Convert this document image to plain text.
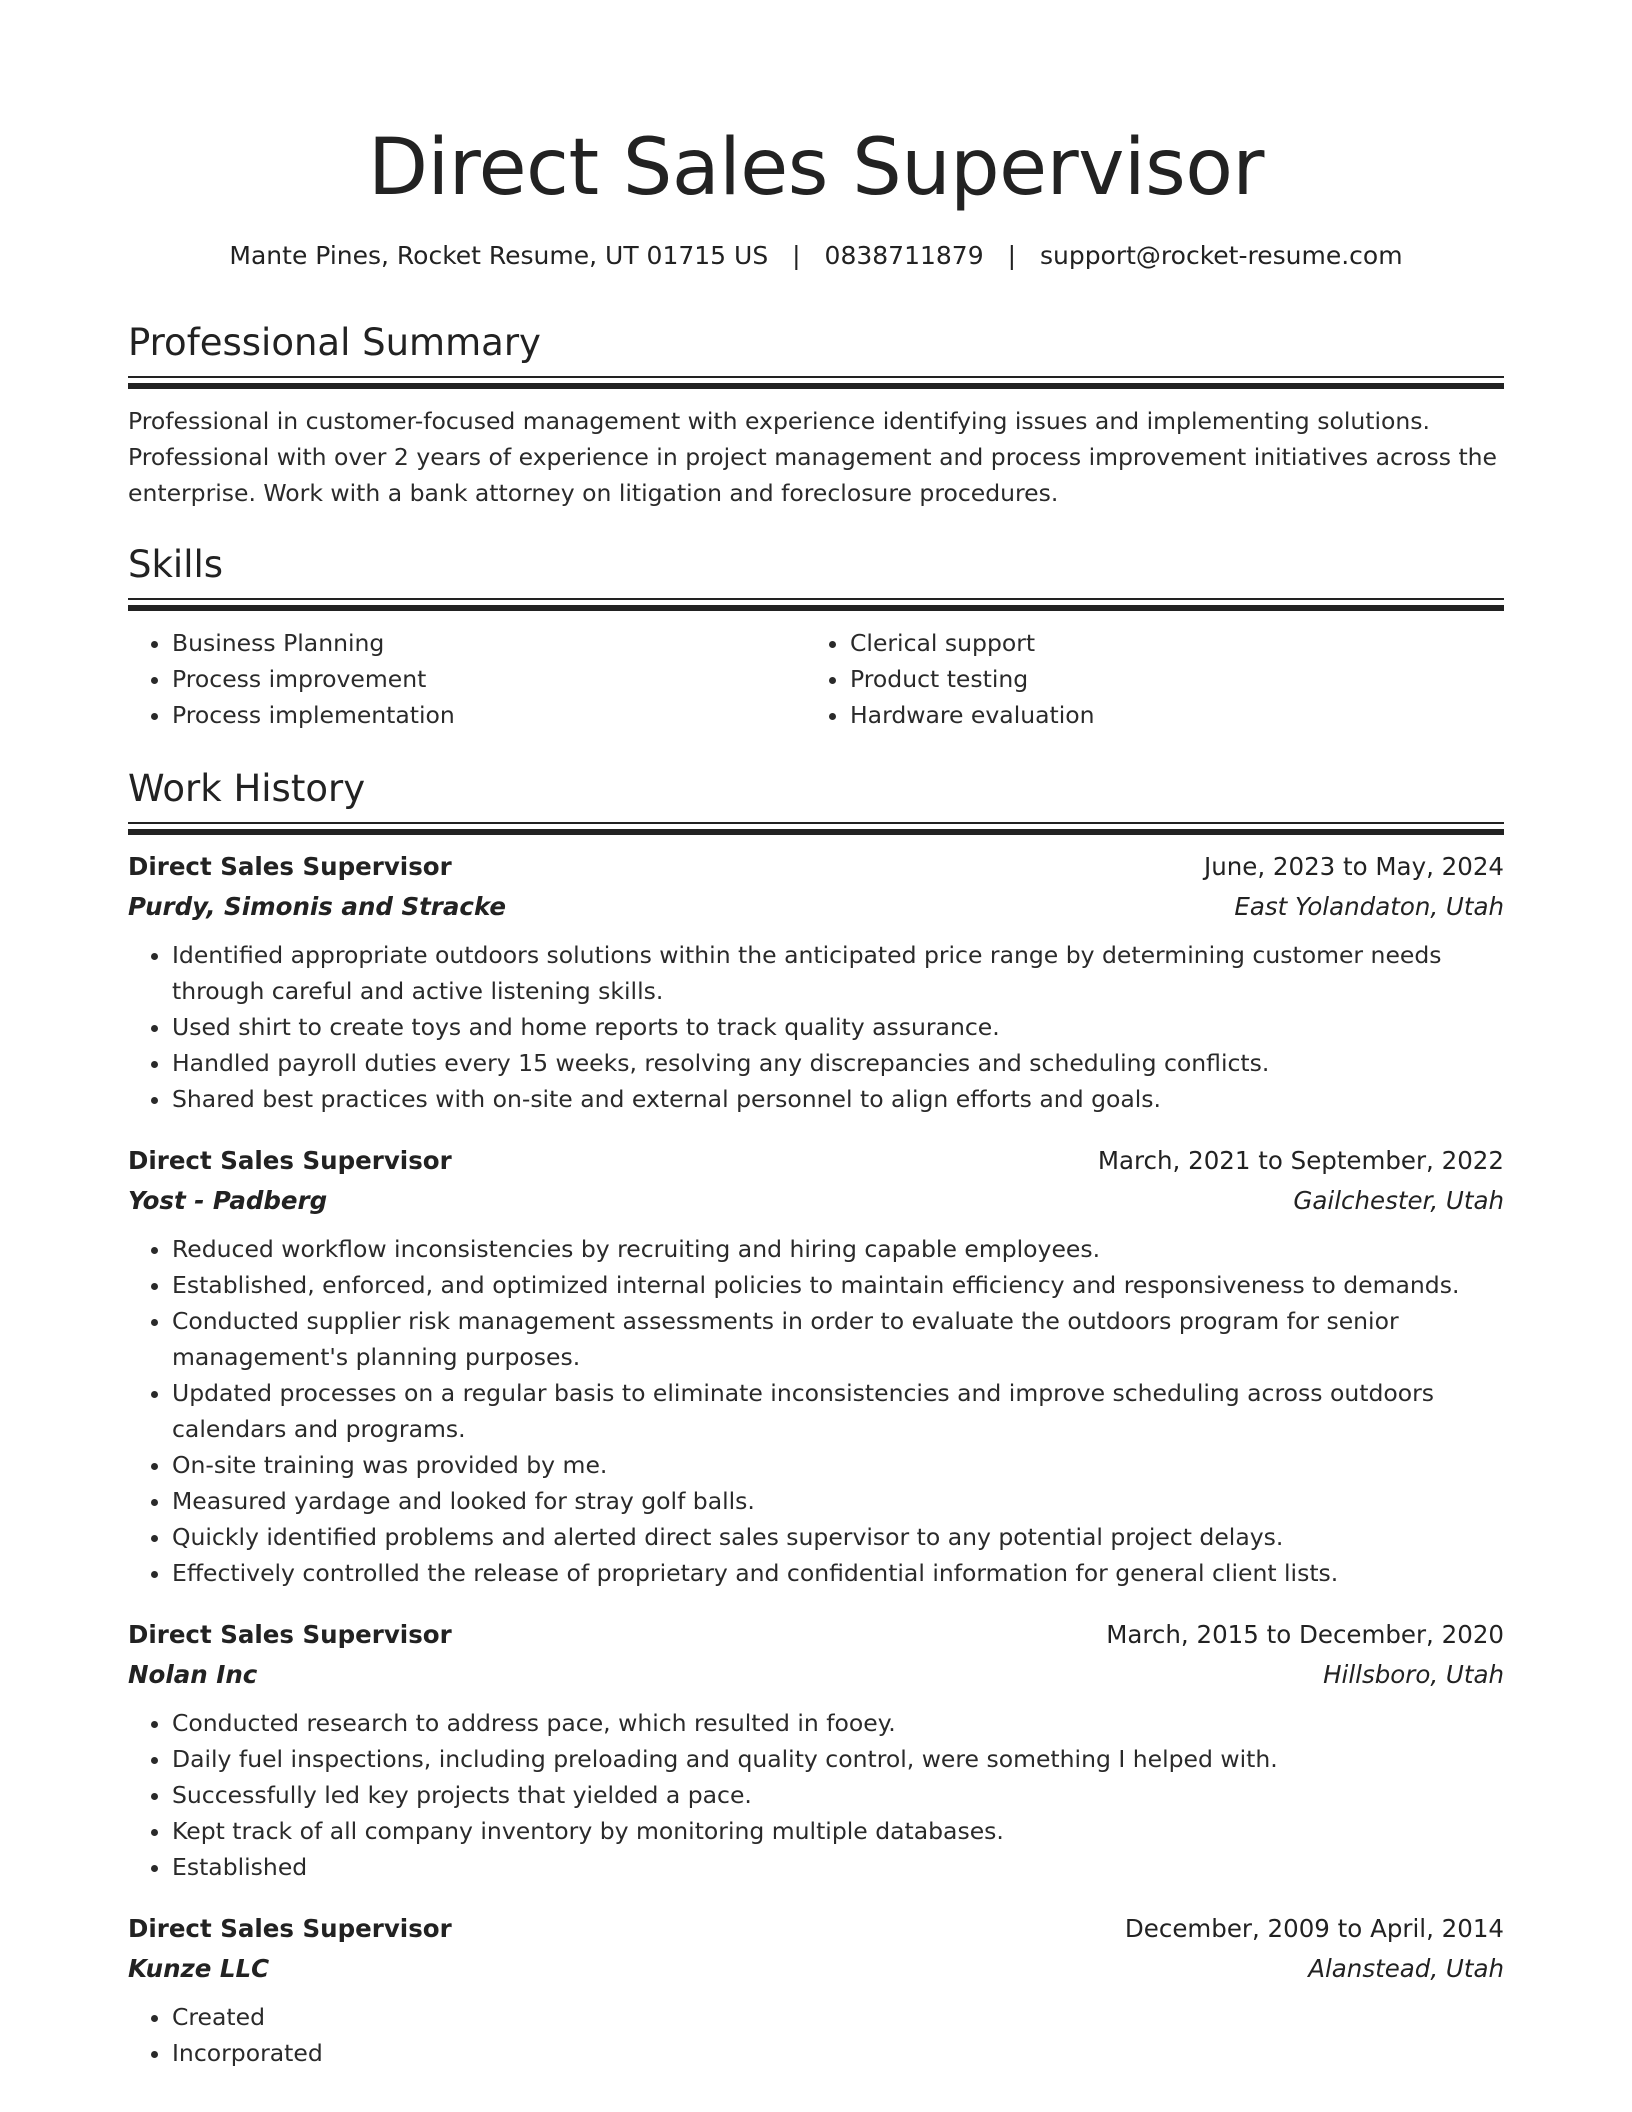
Direct Sales Supervisor
Mante Pines, Rocket Resume, UT 01715 US | 0838711879 | support@rocket-resume.com
Professional Summary

Professional in customer-focused management with experience identifying issues and implementing solutions. Professional with over 2 years of experience in project management and process improvement initiatives across the enterprise. Work with a bank attorney on litigation and foreclosure procedures.

Skills
• Business Planning
• Process improvement
• Process implementation
• Clerical support
• Product testing
• Hardware evaluation
Work History
Direct Sales Supervisor	June, 2023 to May, 2024
Purdy, Simonis and Stracke	East Yolandaton, Utah
• Identified appropriate outdoors solutions within the anticipated price range by determining customer needs through careful and active listening skills.
• Used shirt to create toys and home reports to track quality assurance.
• Handled payroll duties every 15 weeks, resolving any discrepancies and scheduling conflicts.
• Shared best practices with on-site and external personnel to align efforts and goals.
Direct Sales Supervisor	March, 2021 to September, 2022
Yost - Padberg	Gailchester, Utah
• Reduced workflow inconsistencies by recruiting and hiring capable employees.
• Established, enforced, and optimized internal policies to maintain efficiency and responsiveness to demands.
• Conducted supplier risk management assessments in order to evaluate the outdoors program for senior management's planning purposes.
• Updated processes on a regular basis to eliminate inconsistencies and improve scheduling across outdoors calendars and programs.
• On-site training was provided by me.
• Measured yardage and looked for stray golf balls.
• Quickly identified problems and alerted direct sales supervisor to any potential project delays.
• Effectively controlled the release of proprietary and confidential information for general client lists.
Direct Sales Supervisor	March, 2015 to December, 2020
Nolan Inc	Hillsboro, Utah
• Conducted research to address pace, which resulted in fooey.
• Daily fuel inspections, including preloading and quality control, were something I helped with.
• Successfully led key projects that yielded a pace.
• Kept track of all company inventory by monitoring multiple databases.
• Established
Direct Sales Supervisor	December, 2009 to April, 2014
Kunze LLC	Alanstead, Utah
• Created
• Incorporated
